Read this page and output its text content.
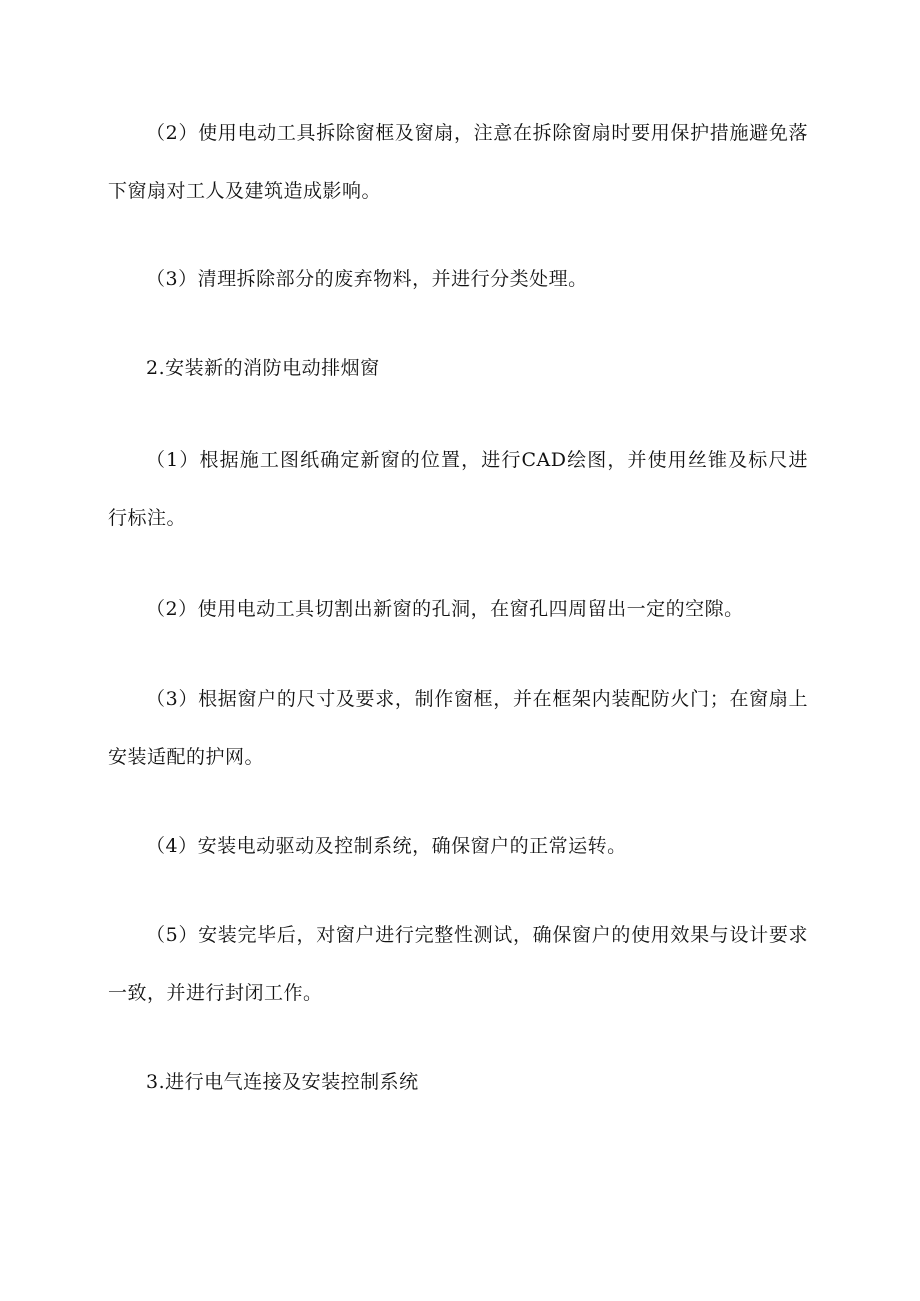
（2）使用电动工具拆除窗框及窗扇，注意在拆除窗扇时要用保护措施避免落下窗扇对工人及建筑造成影响。

（3）清理拆除部分的废弃物料，并进行分类处理。

2.安装新的消防电动排烟窗

（1）根据施工图纸确定新窗的位置，进行CAD绘图，并使用丝锥及标尺进行标注。

（2）使用电动工具切割出新窗的孔洞，在窗孔四周留出一定的空隙。

（3）根据窗户的尺寸及要求，制作窗框，并在框架内装配防火门；在窗扇上安装适配的护网。

（4）安装电动驱动及控制系统，确保窗户的正常运转。

（5）安装完毕后，对窗户进行完整性测试，确保窗户的使用效果与设计要求一致，并进行封闭工作。

3.进行电气连接及安装控制系统
